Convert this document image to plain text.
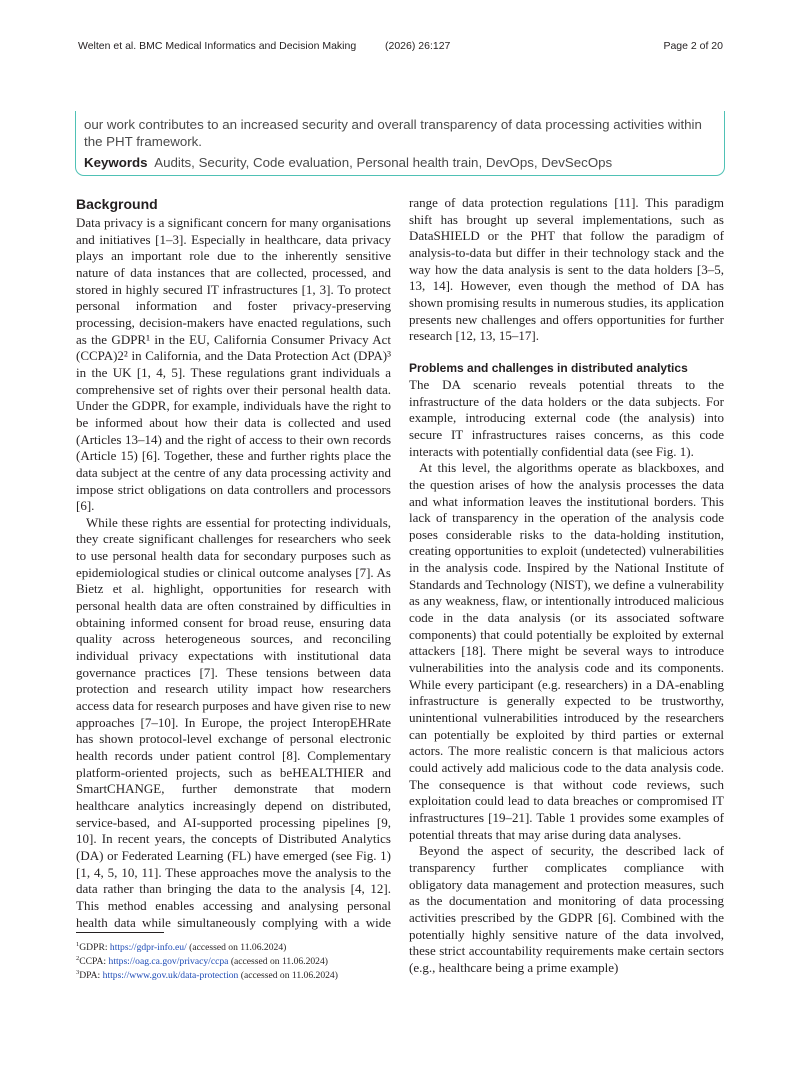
Welten et al. BMC Medical Informatics and Decision Making	(2026) 26:127	Page 2 of 20
our work contributes to an increased security and overall transparency of data processing activities within the PHT framework.
Keywords Audits, Security, Code evaluation, Personal health train, DevOps, DevSecOps
Background

Data privacy is a significant concern for many organisations and initiatives [1–3]. Especially in healthcare, data privacy plays an important role due to the inherently sensitive nature of data instances that are collected, processed, and stored in highly secured IT infrastructures [1, 3]. To protect personal information and foster privacy-preserving processing, decision-makers have enacted regulations, such as the GDPR¹ in the EU, California Consumer Privacy Act (CCPA)2² in California, and the Data Protection Act (DPA)³ in the UK [1, 4, 5]. These regulations grant individuals a comprehensive set of rights over their personal health data. Under the GDPR, for example, individuals have the right to be informed about how their data is collected and used (Articles 13–14) and the right of access to their own records (Article 15) [6]. Together, these and further rights place the data subject at the centre of any data processing activity and impose strict obligations on data controllers and processors [6].

While these rights are essential for protecting individuals, they create significant challenges for researchers who seek to use personal health data for secondary purposes such as epidemiological studies or clinical outcome analyses [7]. As Bietz et al. highlight, opportunities for research with personal health data are often constrained by difficulties in obtaining informed consent for broad reuse, ensuring data quality across heterogeneous sources, and reconciling individual privacy expectations with institutional data governance practices [7]. These tensions between data protection and research utility impact how researchers access data for research purposes and have given rise to new approaches [7–10]. In Europe, the project InteropEHRate has shown protocol-level exchange of personal electronic health records under patient control [8]. Complementary platform-oriented projects, such as beHEALTHIER and SmartCHANGE, further demonstrate that modern healthcare analytics increasingly depend on distributed, service-based, and AI-supported processing pipelines [9, 10]. In recent years, the concepts of Distributed Analytics (DA) or Federated Learning (FL) have emerged (see Fig. 1) [1, 4, 5, 10, 11]. These approaches move the analysis to the data rather than bringing the data to the analysis [4, 12]. This method enables accessing and analysing personal health data while simultaneously complying with a wide

range of data protection regulations [11]. This paradigm shift has brought up several implementations, such as DataSHIELD or the PHT that follow the paradigm of analysis-to-data but differ in their technology stack and the way how the data analysis is sent to the data holders [3–5, 13, 14]. However, even though the method of DA has shown promising results in numerous studies, its application presents new challenges and offers opportunities for further research [12, 13, 15–17].

Problems and challenges in distributed analytics

The DA scenario reveals potential threats to the infrastructure of the data holders or the data subjects. For example, introducing external code (the analysis) into secure IT infrastructures raises concerns, as this code interacts with potentially confidential data (see Fig. 1).

At this level, the algorithms operate as blackboxes, and the question arises of how the analysis processes the data and what information leaves the institutional borders. This lack of transparency in the operation of the analysis code poses considerable risks to the data-holding institution, creating opportunities to exploit (undetected) vulnerabilities in the analysis code. Inspired by the National Institute of Standards and Technology (NIST), we define a vulnerability as any weakness, flaw, or intentionally introduced malicious code in the data analysis (or its associated software components) that could potentially be exploited by external attackers [18]. There might be several ways to introduce vulnerabilities into the analysis code and its components. While every participant (e.g. researchers) in a DA-enabling infrastructure is generally expected to be trustworthy, unintentional vulnerabilities introduced by the researchers can potentially be exploited by third parties or external actors. The more realistic concern is that malicious actors could actively add malicious code to the data analysis code. The consequence is that without code reviews, such exploitation could lead to data breaches or compromised IT infrastructures [19–21]. Table 1 provides some examples of potential threats that may arise during data analyses.

Beyond the aspect of security, the described lack of transparency further complicates compliance with obligatory data management and protection measures, such as the documentation and monitoring of data processing activities prescribed by the GDPR [6]. Combined with the potentially highly sensitive nature of the data involved, these strict accountability requirements make certain sectors (e.g., healthcare being a prime example)

$^1$GDPR: https://gdpr-info.eu/ (accessed on 11.06.2024)
$^2$CCPA: https://oag.ca.gov/privacy/ccpa (accessed on 11.06.2024)
$^3$DPA: https://www.gov.uk/data-protection (accessed on 11.06.2024)
